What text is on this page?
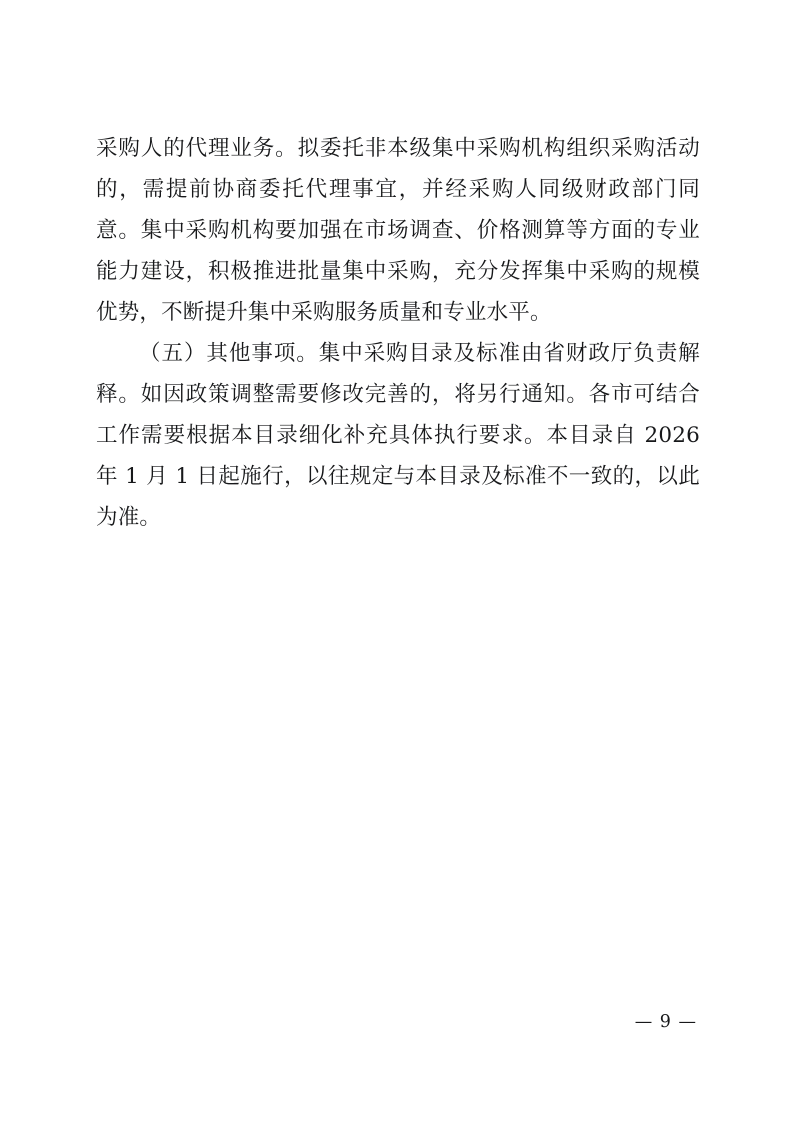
采购人的代理业务。拟委托非本级集中采购机构组织采购活动的，需提前协商委托代理事宜，并经采购人同级财政部门同意。集中采购机构要加强在市场调查、价格测算等方面的专业能力建设，积极推进批量集中采购，充分发挥集中采购的规模优势，不断提升集中采购服务质量和专业水平。

（五）其他事项。集中采购目录及标准由省财政厅负责解释。如因政策调整需要修改完善的，将另行通知。各市可结合工作需要根据本目录细化补充具体执行要求。本目录自 2026 年 1 月 1 日起施行，以往规定与本目录及标准不一致的，以此为准。

— 9 —
